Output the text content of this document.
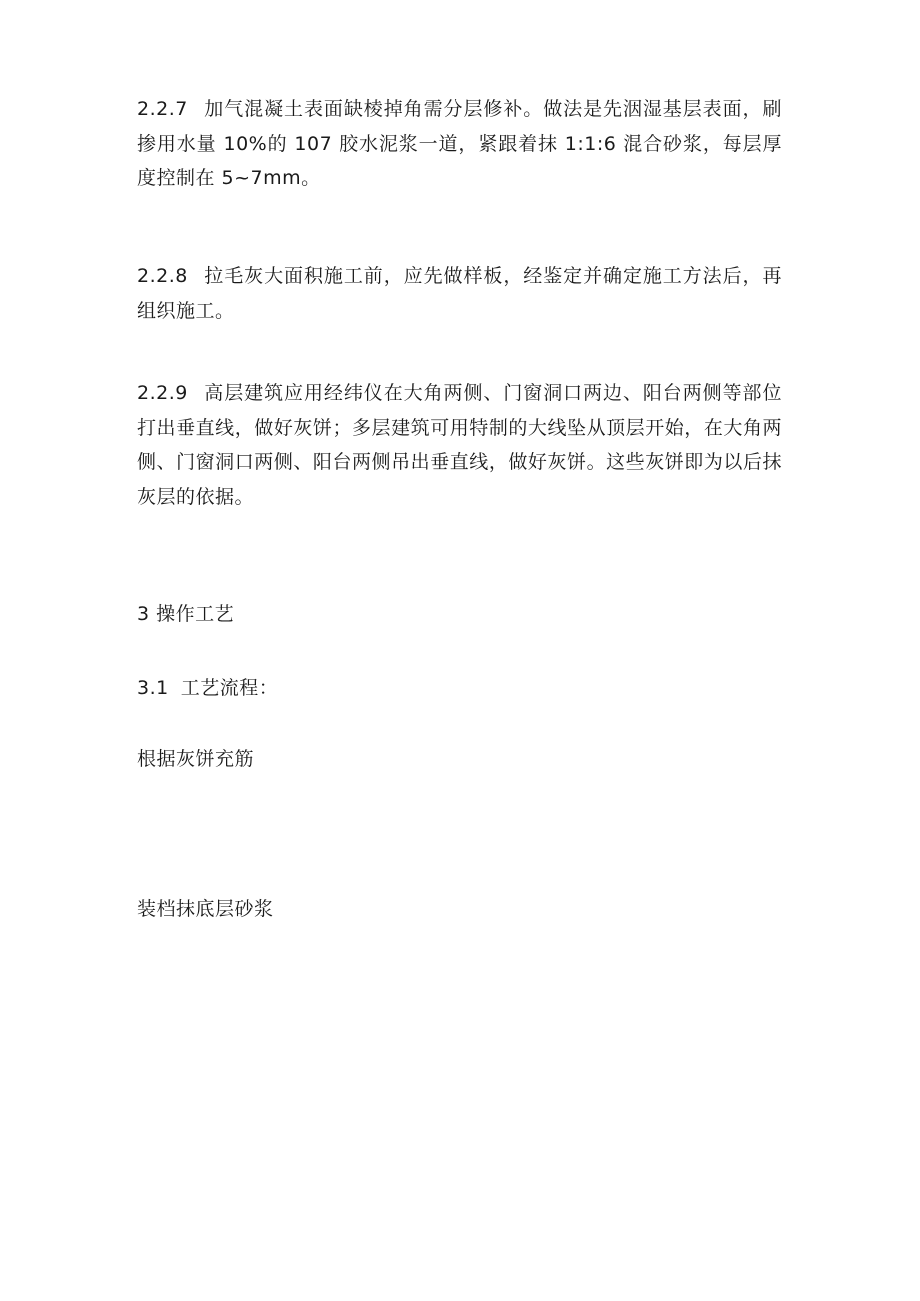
2.2.7 加气混凝土表面缺棱掉角需分层修补。做法是先洇湿基层表面，刷掺用水量 10%的 107 胶水泥浆一道，紧跟着抹 1:1:6 混合砂浆，每层厚度控制在 5~7mm。
2.2.8 拉毛灰大面积施工前，应先做样板，经鉴定并确定施工方法后，再组织施工。
2.2.9 高层建筑应用经纬仪在大角两侧、门窗洞口两边、阳台两侧等部位打出垂直线，做好灰饼；多层建筑可用特制的大线坠从顶层开始，在大角两侧、门窗洞口两侧、阳台两侧吊出垂直线，做好灰饼。这些灰饼即为以后抹灰层的依据。
3 操作工艺
3.1 工艺流程：
根据灰饼充筋
装档抹底层砂浆
